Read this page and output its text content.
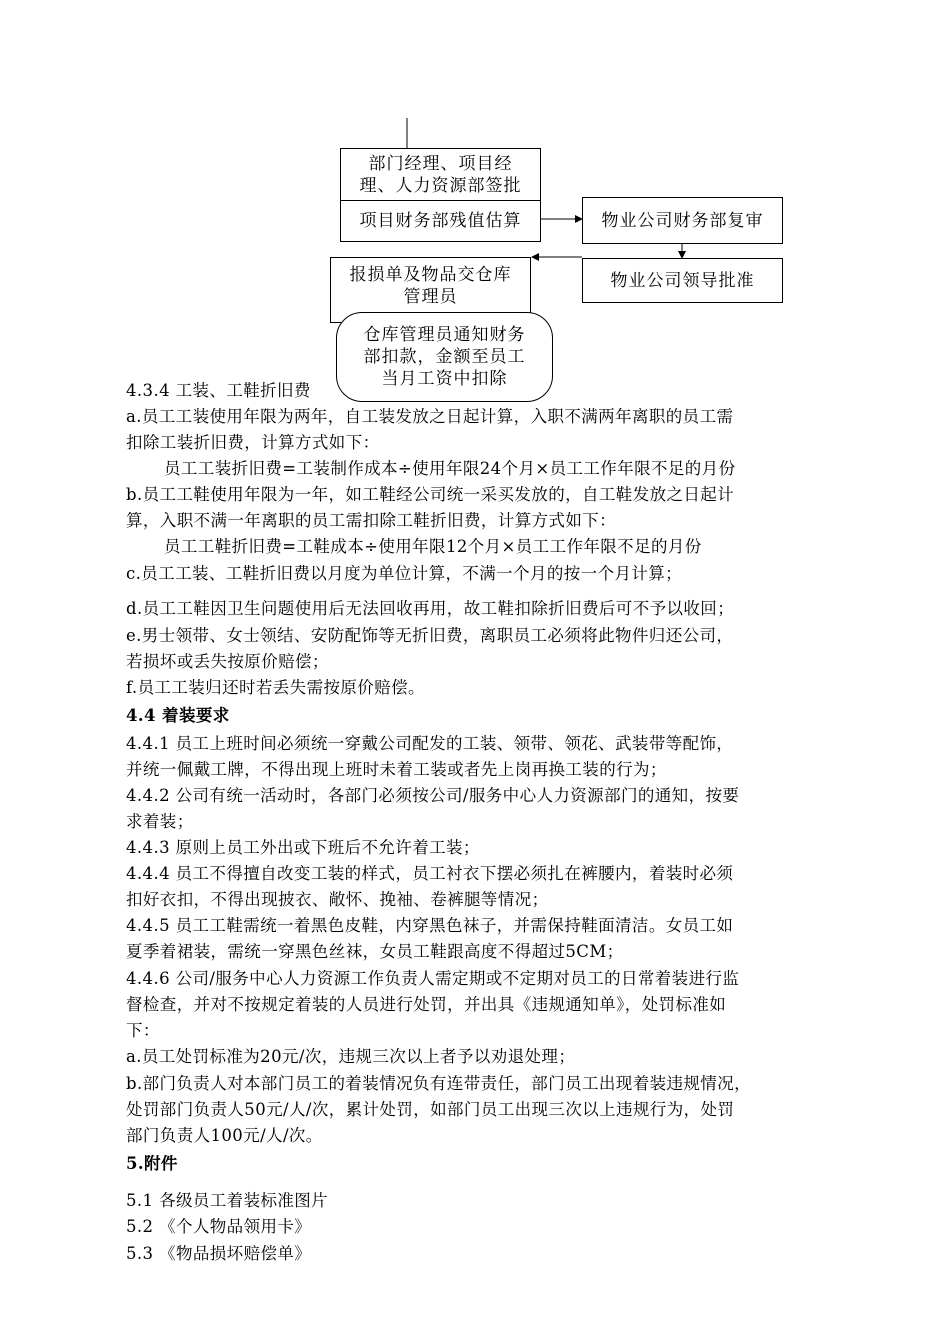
部门经理、项目经
理、人力资源部签批
项目财务部残值估算	物业公司财务部复审
物业公司领导批准
报损单及物品交仓库
管理员
仓库管理员通知财务
部扣款，金额至员工
当月工资中扣除
4.3.4 工装、工鞋折旧费
a.员工工装使用年限为两年，自工装发放之日起计算，入职不满两年离职的员工需
扣除工装折旧费，计算方式如下：
员工工装折旧费=工装制作成本÷使用年限24个月×员工工作年限不足的月份
b.员工工鞋使用年限为一年，如工鞋经公司统一采买发放的，自工鞋发放之日起计
算，入职不满一年离职的员工需扣除工鞋折旧费，计算方式如下：
员工工鞋折旧费=工鞋成本÷使用年限12个月×员工工作年限不足的月份
c.员工工装、工鞋折旧费以月度为单位计算，不满一个月的按一个月计算；
d.员工工鞋因卫生问题使用后无法回收再用，故工鞋扣除折旧费后可不予以收回；
e.男士领带、女士领结、安防配饰等无折旧费，离职员工必须将此物件归还公司，
若损坏或丢失按原价赔偿；
f.员工工装归还时若丢失需按原价赔偿。
4.4 着装要求
4.4.1 员工上班时间必须统一穿戴公司配发的工装、领带、领花、武装带等配饰，
并统一佩戴工牌，不得出现上班时未着工装或者先上岗再换工装的行为；
4.4.2 公司有统一活动时，各部门必须按公司/服务中心人力资源部门的通知，按要
求着装；
4.4.3 原则上员工外出或下班后不允许着工装；
4.4.4 员工不得擅自改变工装的样式，员工衬衣下摆必须扎在裤腰内，着装时必须
扣好衣扣，不得出现披衣、敞怀、挽袖、卷裤腿等情况；
4.4.5 员工工鞋需统一着黑色皮鞋，内穿黑色袜子，并需保持鞋面清洁。女员工如
夏季着裙装，需统一穿黑色丝袜，女员工鞋跟高度不得超过5CM；
4.4.6 公司/服务中心人力资源工作负责人需定期或不定期对员工的日常着装进行监
督检查，并对不按规定着装的人员进行处罚，并出具《违规通知单》，处罚标准如
下：
a.员工处罚标准为20元/次，违规三次以上者予以劝退处理；
b.部门负责人对本部门员工的着装情况负有连带责任，部门员工出现着装违规情况，
处罚部门负责人50元/人/次，累计处罚，如部门员工出现三次以上违规行为，处罚
部门负责人100元/人/次。
5.附件
5.1 各级员工着装标准图片
5.2 《个人物品领用卡》
5.3 《物品损坏赔偿单》
